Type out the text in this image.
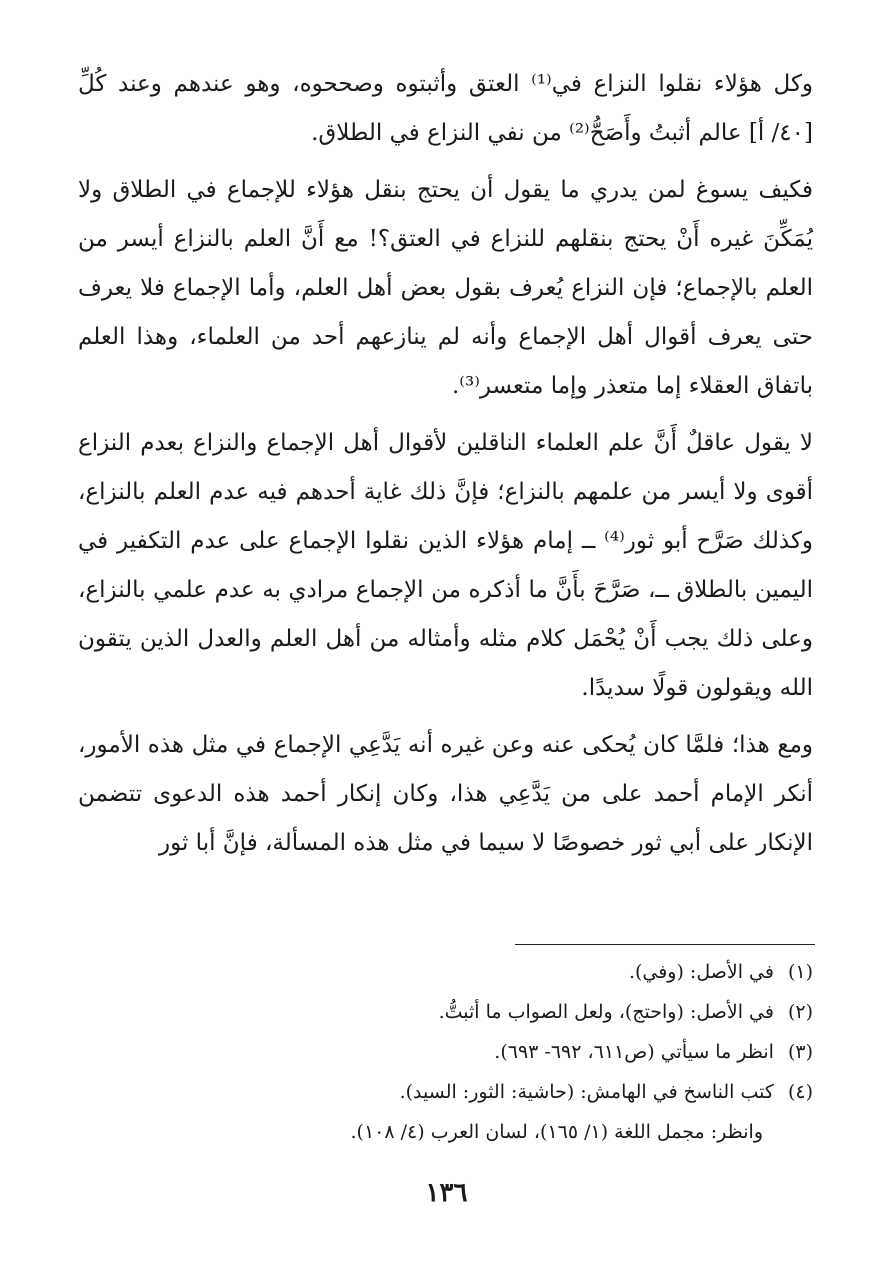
وكل هؤلاء نقلوا النزاع في⁽¹⁾ العتق وأثبتوه وصححوه، وهو عندهم وعند كُلِّ [٤٠/ أ] عالم أثبتُ وأَصَحُّ⁽²⁾ من نفي النزاع في الطلاق.

فكيف يسوغ لمن يدري ما يقول أن يحتج بنقل هؤلاء للإجماع في الطلاق ولا يُمَكِّنَ غيره أَنْ يحتج بنقلهم للنزاع في العتق؟! مع أَنَّ العلم بالنزاع أيسر من العلم بالإجماع؛ فإن النزاع يُعرف بقول بعض أهل العلم، وأما الإجماع فلا يعرف حتى يعرف أقوال أهل الإجماع وأنه لم ينازعهم أحد من العلماء، وهذا العلم باتفاق العقلاء إما متعذر وإما متعسر⁽³⁾.

لا يقول عاقلٌ أَنَّ علم العلماء الناقلين لأقوال أهل الإجماع والنزاع بعدم النزاع أقوى ولا أيسر من علمهم بالنزاع؛ فإنَّ ذلك غاية أحدهم فيه عدم العلم بالنزاع، وكذلك صَرَّح أبو ثور⁽⁴⁾ ــ إمام هؤلاء الذين نقلوا الإجماع على عدم التكفير في اليمين بالطلاق ــ، صَرَّحَ بأَنَّ ما أذكره من الإجماع مرادي به عدم علمي بالنزاع، وعلى ذلك يجب أَنْ يُحْمَل كلام مثله وأمثاله من أهل العلم والعدل الذين يتقون الله ويقولون قولًا سديدًا.

ومع هذا؛ فلمَّا كان يُحكى عنه وعن غيره أنه يَدَّعِي الإجماع في مثل هذه الأمور، أنكر الإمام أحمد على من يَدَّعِي هذا، وكان إنكار أحمد هذه الدعوى تتضمن الإنكار على أبي ثور خصوصًا لا سيما في مثل هذه المسألة، فإنَّ أبا ثور

(١)في الأصل: (وفي).
(٢)في الأصل: (واحتج)، ولعل الصواب ما أثبتُّ.
(٣)انظر ما سيأتي (ص٦١١، ٦٩٢- ٦٩٣).
(٤)كتب الناسخ في الهامش: (حاشية: الثور: السيد).
وانظر: مجمل اللغة (١/ ١٦٥)، لسان العرب (٤/ ١٠٨).
١٣٦
